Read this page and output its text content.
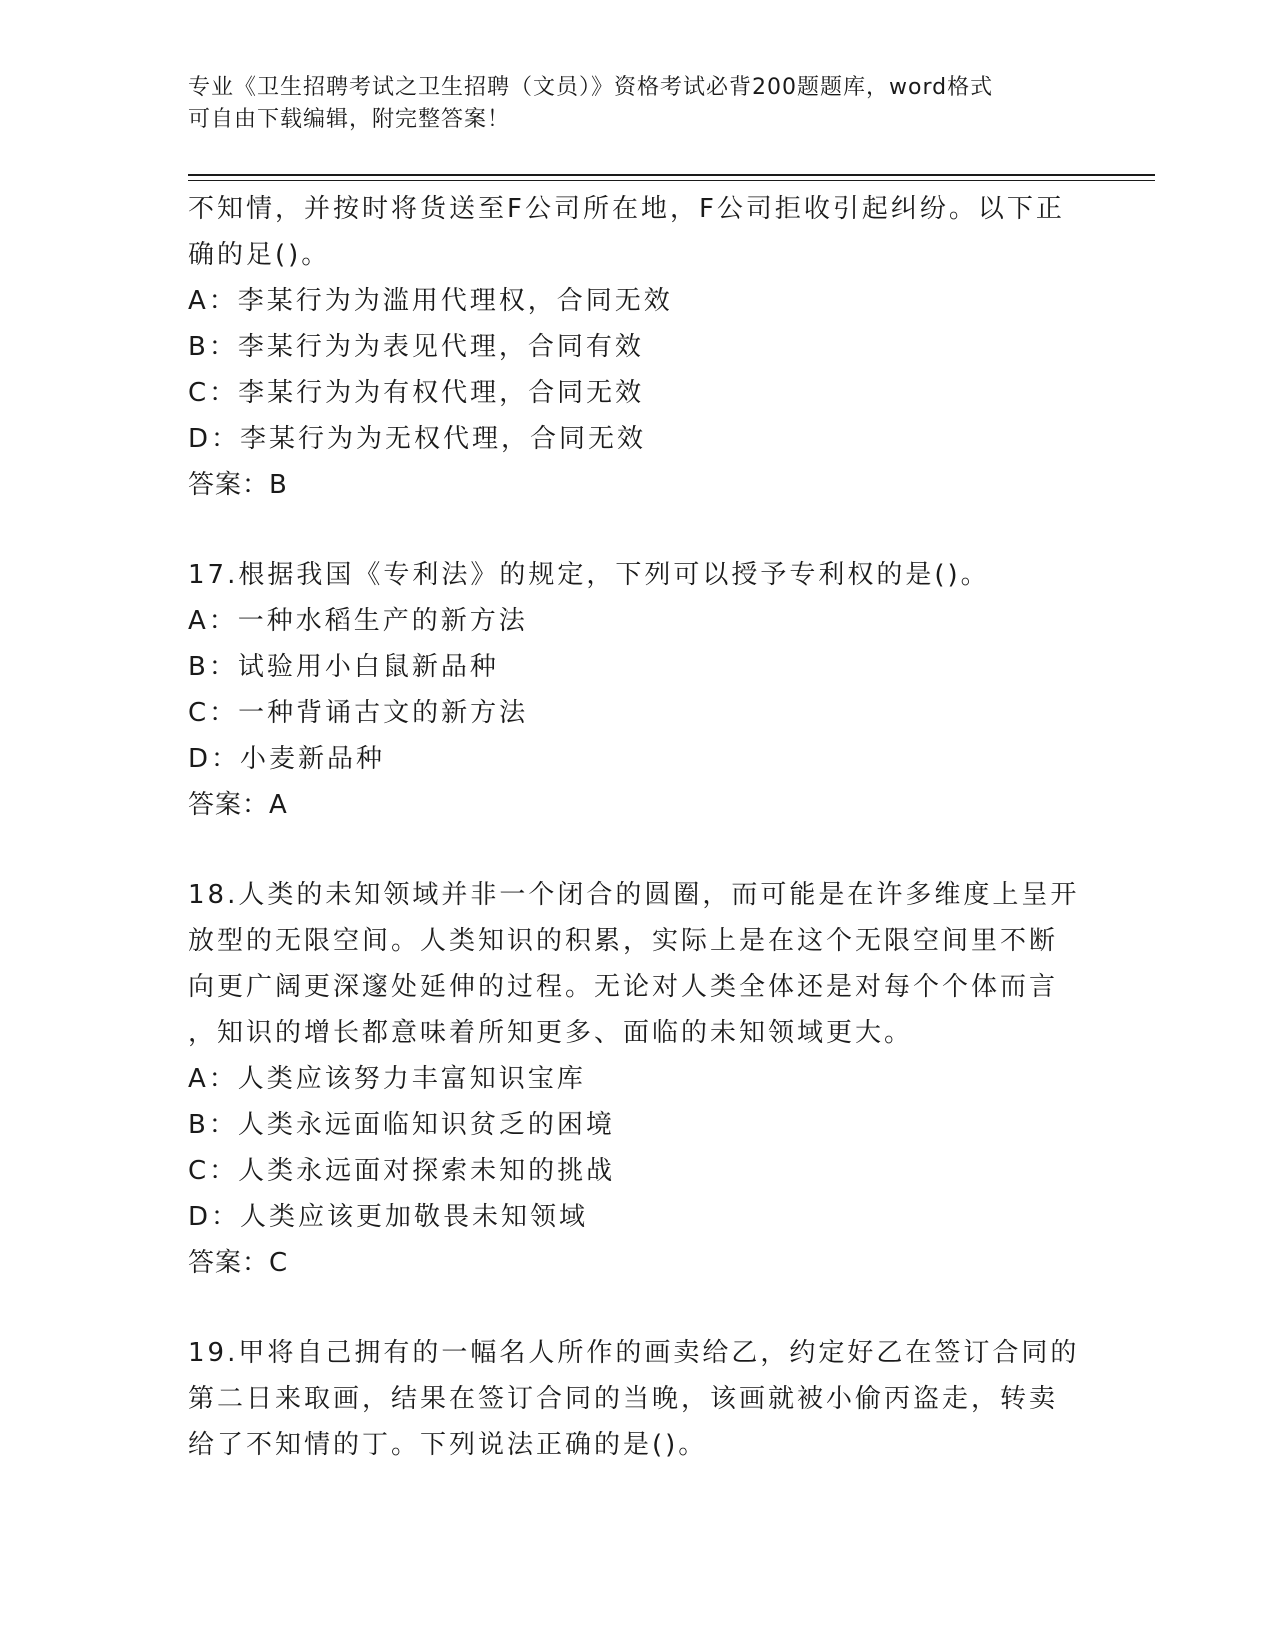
专业《卫生招聘考试之卫生招聘（文员）》资格考试必背200题题库，word格式
可自由下载编辑，附完整答案！
不知情，并按时将货送至F公司所在地，F公司拒收引起纠纷。以下正
确的足()。
A：李某行为为滥用代理权，合同无效
B：李某行为为表见代理，合同有效
C：李某行为为有权代理，合同无效
D：李某行为为无权代理，合同无效
答案：B
17.根据我国《专利法》的规定，下列可以授予专利权的是()。
A：一种水稻生产的新方法
B：试验用小白鼠新品种
C：一种背诵古文的新方法
D：小麦新品种
答案：A
18.人类的未知领域并非一个闭合的圆圈，而可能是在许多维度上呈开
放型的无限空间。人类知识的积累，实际上是在这个无限空间里不断
向更广阔更深邃处延伸的过程。无论对人类全体还是对每个个体而言
，知识的增长都意味着所知更多、面临的未知领域更大。
A：人类应该努力丰富知识宝库
B：人类永远面临知识贫乏的困境
C：人类永远面对探索未知的挑战
D：人类应该更加敬畏未知领域
答案：C
19.甲将自己拥有的一幅名人所作的画卖给乙，约定好乙在签订合同的
第二日来取画，结果在签订合同的当晚，该画就被小偷丙盗走，转卖
给了不知情的丁。下列说法正确的是()。
